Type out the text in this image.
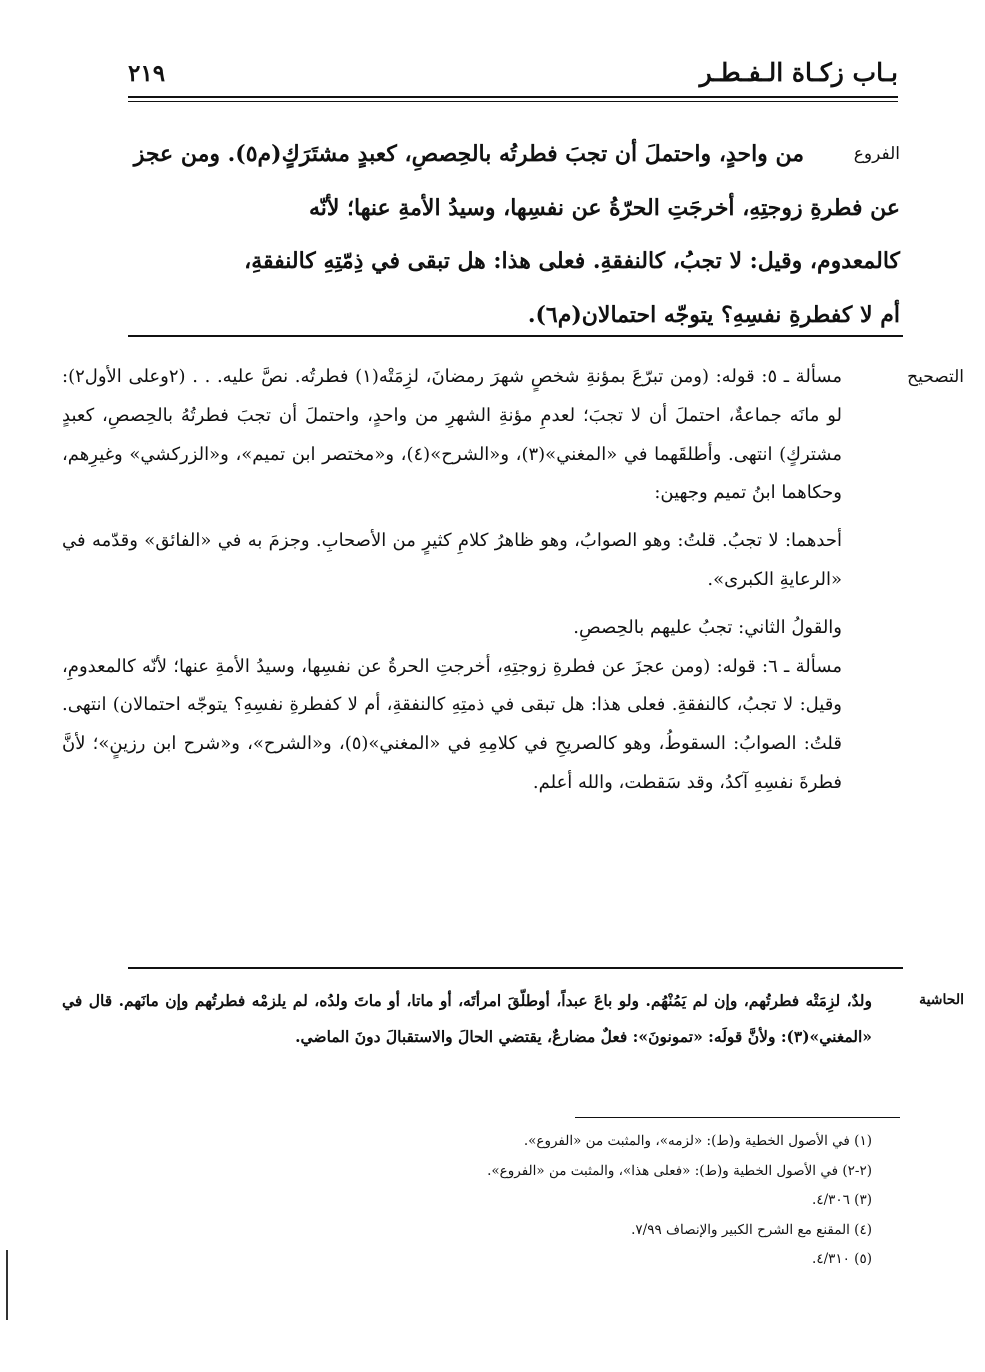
بـاب زكـاة الـفـطـر
٢١٩
الفروع
من واحدٍ، واحتملَ أن تجبَ فطرتُه بالحِصصِ، كعبدٍ مشتَرَكٍ(م٥). ومن عجز
عن فطرةِ زوجتِهِ، أخرجَتِ الحرّةُ عن نفسِها، وسيدُ الأمةِ عنها؛ لأنّه
كالمعدوم، وقيل: لا تجبُ، كالنفقةِ. فعلى هذا: هل تبقى في ذِمّتِهِ كالنفقةِ،
أم لا كفطرةِ نفسِهِ؟ يتوجّه احتمالان(م٦).
التصحيح

مسألة ـ ٥: قوله: (ومن تبرّعَ بمؤنةِ شخصٍ شهرَ رمضانَ، لزِمَتْه(١) فطرتُه. نصَّ عليه. . . (٢وعلى الأول٢): لو مانَه جماعةٌ، احتملَ أن لا تجبَ؛ لعدمِ مؤنةِ الشهرِ من واحدٍ، واحتملَ أن تجبَ فطرتُهُ بالحِصصِ، كعبدٍ مشتركٍ) انتهى. وأطلقَهما في «المغني»(٣)، و«الشرح»(٤)، و«مختصر ابن تميم»، و«الزركشي» وغيرِهم، وحكاهما ابنُ تميم وجهين:

أحدهما: لا تجبُ. قلتُ: وهو الصوابُ، وهو ظاهرُ كلامِ كثيرٍ من الأصحابِ. وجزمَ به في «الفائق» وقدّمه في «الرعايةِ الكبرى».

والقولُ الثاني: تجبُ عليهم بالحِصصِ.

مسألة ـ ٦: قوله: (ومن عجزَ عن فطرةِ زوجتِهِ، أخرجتِ الحرةُ عن نفسِها، وسيدُ الأمةِ عنها؛ لأنّه كالمعدومِ، وقيل: لا تجبُ، كالنفقةِ. فعلى هذا: هل تبقى في ذمتِهِ كالنفقةِ، أم لا كفطرةِ نفسِهِ؟ يتوجّه احتمالان) انتهى. قلتُ: الصوابُ: السقوطُ، وهو كالصريحِ في كلامِهِ في «المغني»(٥)، و«الشرح»، و«شرح ابن رزينٍ»؛ لأنَّ فطرةَ نفسِهِ آكدُ، وقد سَقطت، والله أعلم.

الحاشية
ولدٌ، لزِمَتْه فطرتُهم، وإن لم يَمُنْهُم. ولو باعَ عبداً، أوطلّقَ امرأتَه، أو ماتا، أو ماتَ ولدُه، لم يلزمْه فطرتُهم وإن مانَهم. قال في «المغني»(٣): ولأنَّ قولَه: «تمونونَ»: فعلٌ مضارعٌ، يقتضي الحالَ والاستقبالَ دونَ الماضي.
(١) في الأصول الخطية و(ط): «لزمه»، والمثبت من «الفروع».
(٢-٢) في الأصول الخطية و(ط): «فعلى هذا»، والمثبت من «الفروع».
(٣) ٤/٣٠٦.
(٤) المقنع مع الشرح الكبير والإنصاف ٧/٩٩.
(٥) ٤/٣١٠.
